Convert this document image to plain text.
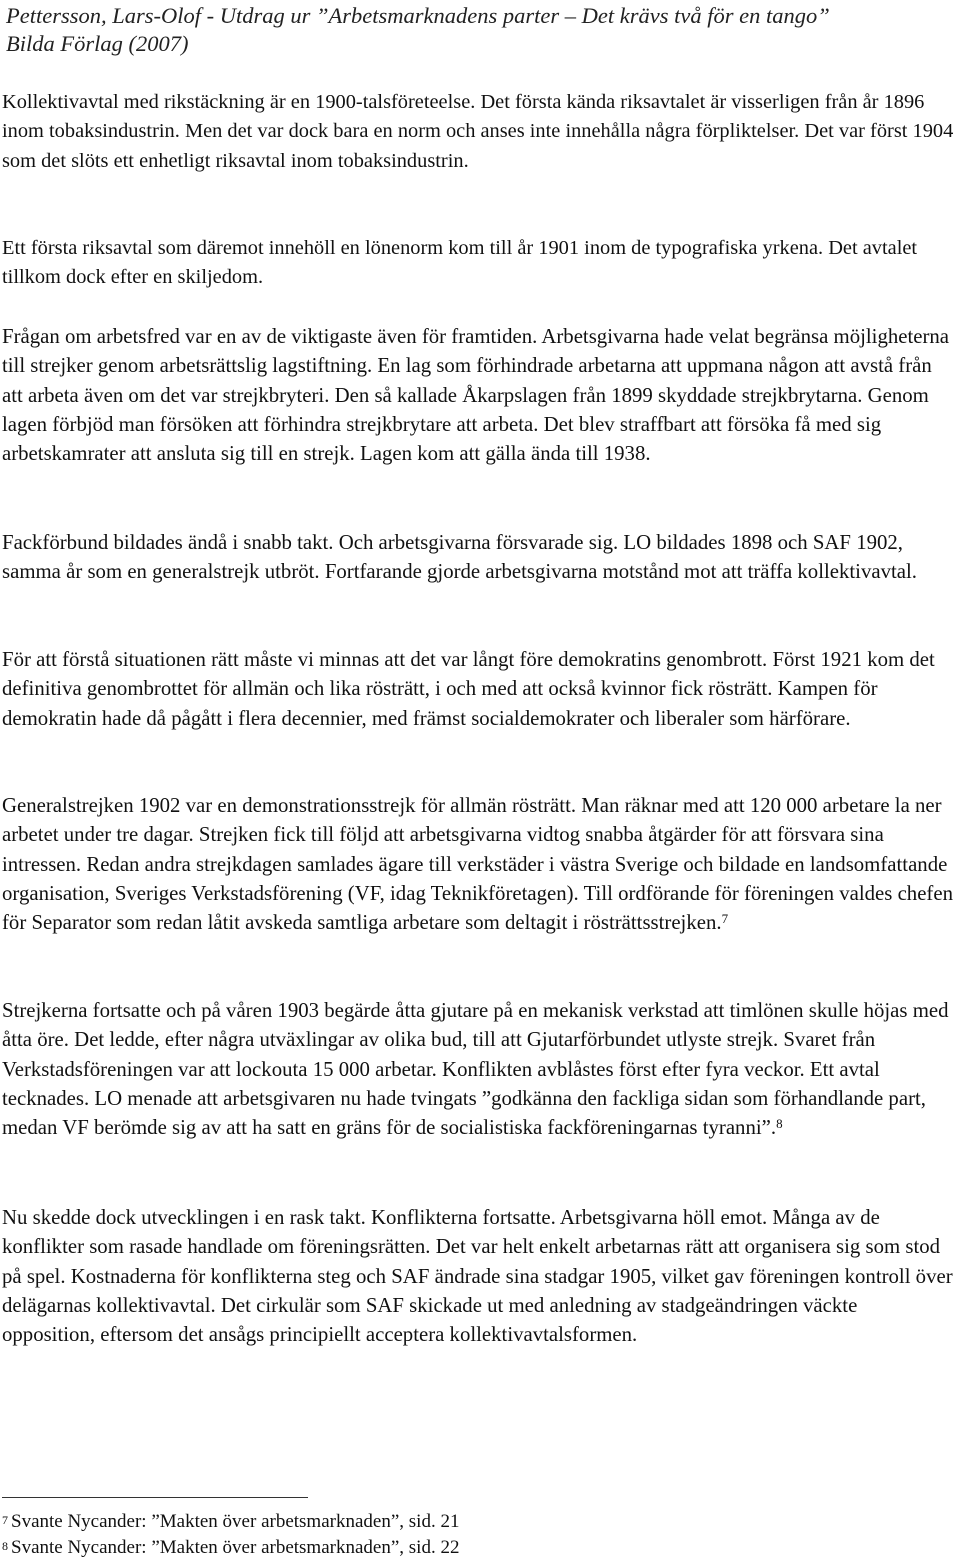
Pettersson, Lars-Olof - Utdrag ur ”Arbetsmarknadens parter – Det krävs två för en tango”
Bilda Förlag (2007)

Kollektivavtal med rikstäckning är en 1900-talsföreteelse. Det första kända riksavtalet är visserligen från år 1896 inom tobaksindustrin. Men det var dock bara en norm och anses inte innehålla några förpliktelser. Det var först 1904 som det slöts ett enhetligt riksavtal inom tobaksindustrin.

Ett första riksavtal som däremot innehöll en lönenorm kom till år 1901 inom de typografiska yrkena. Det avtalet tillkom dock efter en skiljedom.

Frågan om arbetsfred var en av de viktigaste även för framtiden. Arbetsgivarna hade velat begränsa möjligheterna till strejker genom arbetsrättslig lagstiftning. En lag som förhindrade arbetarna att uppmana någon att avstå från att arbeta även om det var strejkbryteri. Den så kallade Åkarpslagen från 1899 skyddade strejkbrytarna. Genom lagen förbjöd man försöken att förhindra strejkbrytare att arbeta. Det blev straffbart att försöka få med sig arbetskamrater att ansluta sig till en strejk. Lagen kom att gälla ända till 1938.

Fackförbund bildades ändå i snabb takt. Och arbetsgivarna försvarade sig. LO bildades 1898 och SAF 1902, samma år som en generalstrejk utbröt. Fortfarande gjorde arbetsgivarna motstånd mot att träffa kollektivavtal.

För att förstå situationen rätt måste vi minnas att det var långt före demokratins genombrott. Först 1921 kom det definitiva genombrottet för allmän och lika rösträtt, i och med att också kvinnor fick rösträtt. Kampen för demokratin hade då pågått i flera decennier, med främst socialdemokrater och liberaler som härförare.

Generalstrejken 1902 var en demonstrationsstrejk för allmän rösträtt. Man räknar med att 120 000 arbetare la ner arbetet under tre dagar. Strejken fick till följd att arbetsgivarna vidtog snabba åtgärder för att försvara sina intressen. Redan andra strejkdagen samlades ägare till verkstäder i västra Sverige och bildade en landsomfattande organisation, Sveriges Verkstadsförening (VF, idag Teknikföretagen). Till ordförande för föreningen valdes chefen för Separator som redan låtit avskeda samtliga arbetare som deltagit i rösträttsstrejken.$^7$

Strejkerna fortsatte och på våren 1903 begärde åtta gjutare på en mekanisk verkstad att timlönen skulle höjas med åtta öre. Det ledde, efter några utväxlingar av olika bud, till att Gjutarförbundet utlyste strejk. Svaret från Verkstadsföreningen var att lockouta 15 000 arbetar. Konflikten avblåstes först efter fyra veckor. Ett avtal tecknades. LO menade att arbetsgivaren nu hade tvingats ”godkänna den fackliga sidan som förhandlande part, medan VF berömde sig av att ha satt en gräns för de socialistiska fackföreningarnas tyranni”.$^8$

Nu skedde dock utvecklingen i en rask takt. Konflikterna fortsatte. Arbetsgivarna höll emot. Många av de konflikter som rasade handlade om föreningsrätten. Det var helt enkelt arbetarnas rätt att organisera sig som stod på spel. Kostnaderna för konflikterna steg och SAF ändrade sina stadgar 1905, vilket gav föreningen kontroll över delägarnas kollektivavtal. Det cirkulär som SAF skickade ut med anledning av stadgeändringen väckte opposition, eftersom det ansågs principiellt acceptera kollektivavtalsformen.

$^7$ Svante Nycander: ”Makten över arbetsmarknaden”, sid. 21
$^8$ Svante Nycander: ”Makten över arbetsmarknaden”, sid. 22
